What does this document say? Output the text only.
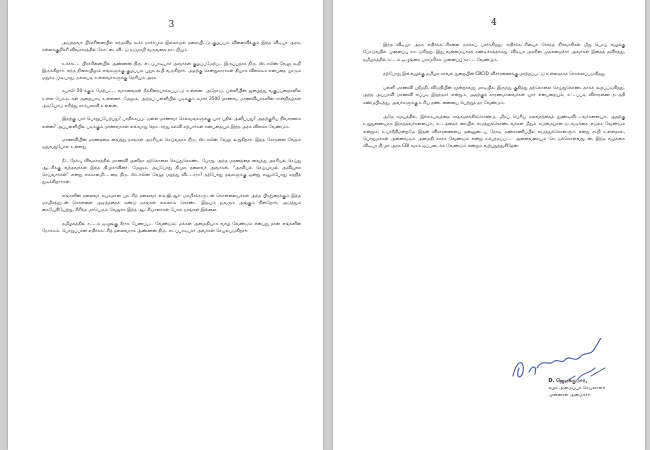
3

அடுத்தவர் பிரச்சினையில் எந்தவித கூச்ச நாச்சமும் இல்லாமல் தலையிட்டு குழப்பம் விளைவிக்கும் இந்த விடியா அரசு, கள்ளக்குறிச்சி விவகாரத்தில் கோட்டைவிட்டு தடுமாறி வருவதை நாடறியும்.

உச்சகட்ட பிரச்சினையில் அண்ணன் திரு. எடப்பாடியார் அவர்கள் குழப்பமேற்பட இருப்பதாக திரு. ஸ்டாலின் வேலு கூறி இருக்கிறார். எந்த நிலையிலும் எங்களுக்கு குழப்பம் புதுசு கூறி வருகிறார். அதற்கு சென்றுகாரர்கள் தியாக விளக்கம் என்பதை யாரும் மறுக்க முடியாது. நல்லபடி உள்ளவர்களுக்கு தெரியும் அரசு.

கபாலி 50-க்கும் மேற்பட்ட வாகனங்கள் தீக்கிரையாக்கப்பட்டு உள்ளன. அதோடு, பள்ளியின் நுழைந்து வகுப்பறைகளில் உள்ள பொருட்கள் சூறையாடி உள்ளனர். மேலும், அந்தப் பள்ளியில் படிக்கும் சுமார் 3500 மாணவ, மாணவியர்களின் சான்றிதழ்கள் அடியோடு எரித்து சாம்பலாகி உள்ளன.

இதற்கு யார் பொறுப்பேற்பது? பாதிக்கப்பட்டுள்ள மாணவர் செல்வங்களுக்கு யார் பதில் அளிப்பது? அதற்குரிய நிவாரணம் என்ன? அப்பள்ளியில் படிக்கும் மாணவர்கள் எவ்வாறு தொடர்ந்து கல்வி கற்பார்கள் என்பதையும் இந்த அரசு விளக்க வேண்டும்.

மாணவியின் மரணத்தை வைத்து நாங்கள் அரசியல் செய்வதாக திரு. ஸ்டாலின் வேலு கூறுகிறார். இந்த சோதனை வேதம் ஓதுவதுபோல் உள்ளது.

நீட் தேர்வு விவகாரத்தில் மாணவி அனிதா தற்கொலை செய்துகொண்ட போது, அந்த மரணத்தை வைத்து அரசியல் செய்து ஆட்சிக்கு வந்தவர்கள் இந்த திமுக-வினர். மேலும், அப்போது திமுக தலைவர் அவர்கள், "அரசியல் செய்யாமல் அவியலா செய்வார்கள்" என்று எக்காளமிட்டதை திரு. ஸ்டாலின் வேலு மறந்து விட்டாரா? தற்போது தங்களுக்கு ஒன்று எனும்போது கதறித் துடிக்கிறார்கள்.

எங்களின் தலைவர் சுயகமான புரட்சித் தலைவர் எம்.ஜி.ஆர். மாமிசக்களுடன் கொள்ளையர்கள் அந்த பிரதுரைக்கும் இந்த மாமிசத்துடன் கொள்ளை அடித்ததைக் கண்டு நாங்கள் எல்லாம் கொண்ட இதயம் ஐவரும் அங்கும் நின்றோர், அடுத்தும் கையேதியேற்று, சிரிந்த மாபெரும் வேறுக்க இந்த ஆட்சியாளர்கள் போல் நாங்கள் இல்லை.

தமிழகத்தில் சட்டம் ஒழுங்கு சீராக பேணப்பட வேண்டும்; மக்கள் அமைதியாக வாழ வேண்டும் என்பது தான் எங்களின் நோக்கம். பொறுப்பான எதிர்க்கட்சித் தலைவராக அண்ணன் திரு. எடப்பாடியார் அவர்கள் செயல்படுகிறார்.

4

இந்த விடியா அரசு எதிர்க்கட்சிகளை நசுக்கப் பார்க்கிறது. எதிர்க்கட்சியைச் சேர்ந்த நிர்வாகிகள் மீது பொய் வழக்கு போடுவதில் முனைப்பு காட்டுகிறது. இது வன்மையாகக் கண்டிக்கத்தக்கது. விடியா அரசின் முதலமைச்சர் அவர்கள் இதைத் தவிர்த்து, தமிழகத்தில் சட்டம் ஒழுங்கை பராமரிக்க முனைப்பு காட்ட வேண்டும்.

தற்போது இவ்வழக்கு தமிழக காவல் துறையின் CBCID விசாரணைக்கு மாற்றப்பட்டு உள்ளதாகச் சொல்லப்படுகிறது.

பள்ளி மாணவி ஸ்ரீமதி, விடுதியின் மூன்றாவது மாடியில் இருந்து குதித்து தற்கொலை செய்துகொண்டதாகக் கூறப்படுகிறது. அந்த அப்பாவி மாணவி எப்படி இறந்தார் என்றும், அதற்குக் காரணமானவர்கள் யார் என்பதையும், சட்டப்படி விசாரணை நடத்தி கண்டுபிடித்து, அவர்களுக்கு உரிய தண்டனையை பெற்றுத் தர வேண்டும்.

அதே சமயத்தில், இச்சம்பவத்தை சாதகமாக்கிக்கொண்டு, மிகப் பெரிய கலவரத்தைத் தூண்டிவிட்டவர்களையும், அதற்கு உறுதுணையாக இருந்தவர்களையும், சட்டத்தைக் கையில் எடுத்துக்கொண்டவர்கள் மீதும் கடுமையான நடவடிக்கை எடுக்க வேண்டும் என்றும்; உயர்நீதிமன்றமே இதன் விசாரணையை தன்னுடைய நேரடி கண்காணிப்பில் எடுத்துக்கொள்ளும் என்று கூறி உள்ளதால், பொதுமக்கள் அனைவரும் அமைதி காக்க வேண்டும் என்று சம்பந்தப்பட்ட அனைவரையும் கேட்டுக்கொள்வதுடன், இந்த வழக்கை விடியா திமுக அரசு CBI வசம் ஒப்படைக்க வேண்டும் என்றும் வற்புறுத்துகிறேன்.

D. ஜெயக்குமார்,
கழக அமைப்புச் செயலாளர்
முன்னாள் அமைச்சர்.
